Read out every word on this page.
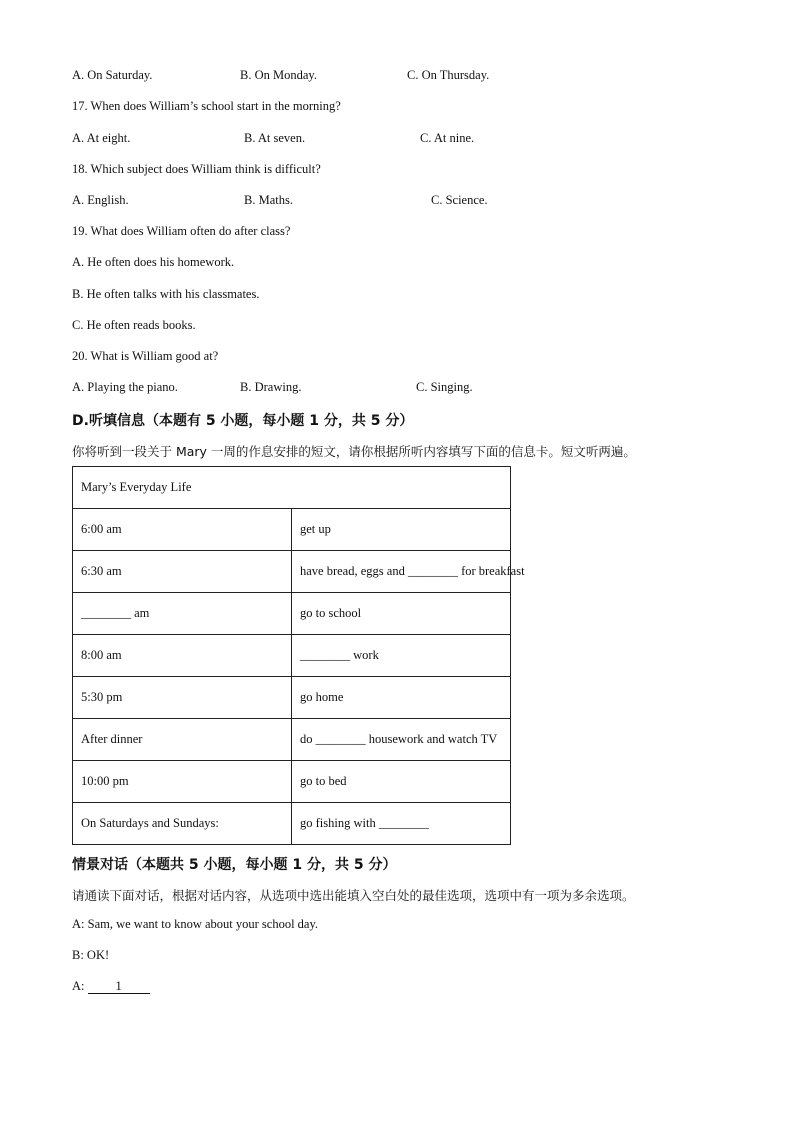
A. On Saturday.	B. On Monday.	C. On Thursday.
17. When does William’s school start in the morning?
A. At eight.	B. At seven.	C. At nine.
18. Which subject does William think is difficult?
A. English.	B. Maths.	C. Science.
19. What does William often do after class?
A. He often does his homework.
B. He often talks with his classmates.
C. He often reads books.
20. What is William good at?
A. Playing the piano.	B. Drawing.	C. Singing.
D.听填信息（本题有 5 小题，每小题 1 分，共 5 分）
你将听到一段关于 Mary 一周的作息安排的短文，请你根据所听内容填写下面的信息卡。短文听两遍。
Mary’s Everyday Life	
6:00 am	get up
6:30 am	have bread, eggs and ________ for breakfast
________ am	go to school
8:00 am	________ work
5:30 pm	go home
After dinner	do ________ housework and watch TV
10:00 pm	go to bed
On Saturdays and Sundays:	go fishing with ________
情景对话（本题共 5 小题，每小题 1 分，共 5 分）
请通读下面对话，根据对话内容，从选项中选出能填入空白处的最佳选项，选项中有一项为多余选项。
A: Sam, we want to know about your school day.
B: OK!
A: 1
